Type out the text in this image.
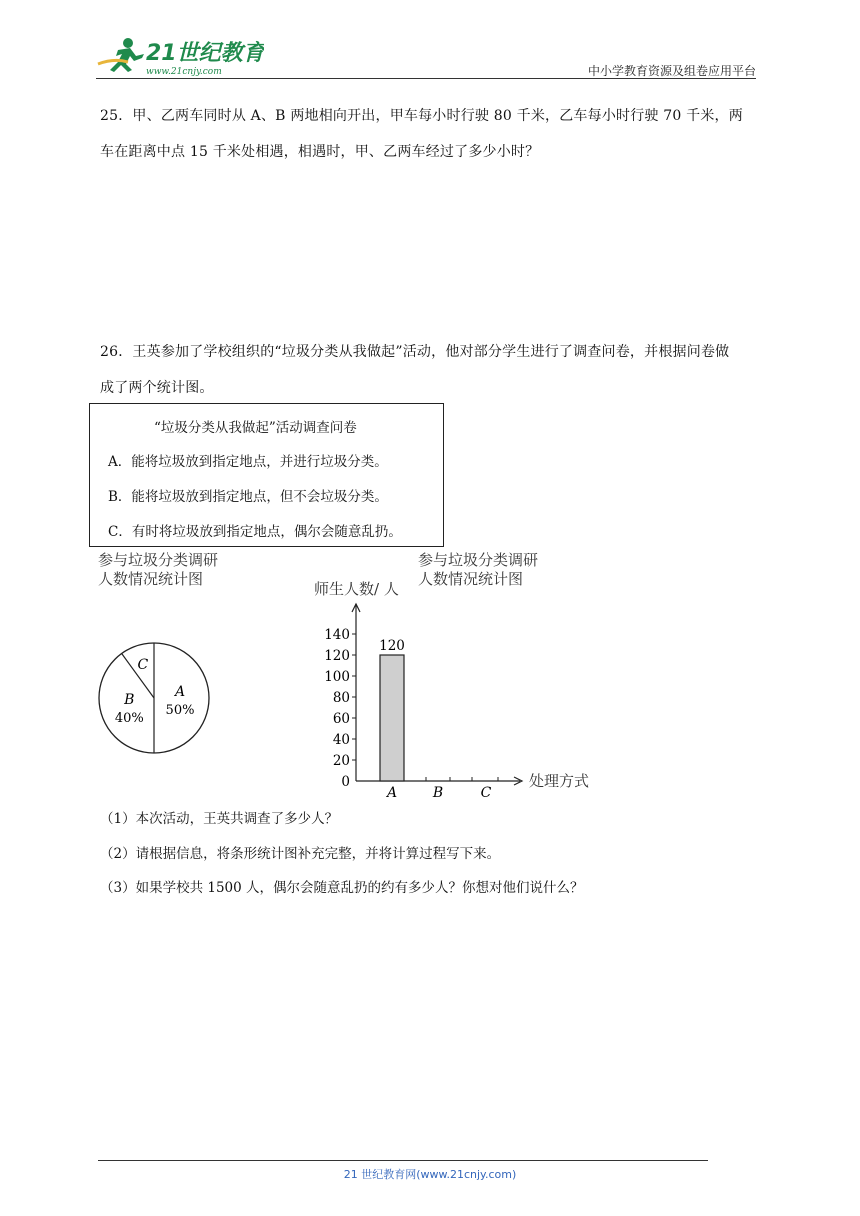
21世纪教育
www.21cnjy.com	中小学教育资源及组卷应用平台
25．甲、乙两车同时从 A、B 两地相向开出，甲车每小时行驶 80 千米，乙车每小时行驶 70 千米，两
车在距离中点 15 千米处相遇，相遇时，甲、乙两车经过了多少小时？
26．王英参加了学校组织的“垃圾分类从我做起”活动，他对部分学生进行了调查问卷，并根据问卷做
成了两个统计图。
“垃圾分类从我做起”活动调查问卷
A．能将垃圾放到指定地点，并进行垃圾分类。
B．能将垃圾放到指定地点，但不会垃圾分类。
C．有时将垃圾放到指定地点，偶尔会随意乱扔。
参与垃圾分类调研
人数情况统计图
A
50%
B
40%
C
参与垃圾分类调研
人数情况统计图
师生人数/ 人
处理方式
0
20
40
60
80
100
120
140
A
120
B	C
（1）本次活动，王英共调查了多少人？
（2）请根据信息，将条形统计图补充完整，并将计算过程写下来。
（3）如果学校共 1500 人，偶尔会随意乱扔的约有多少人？你想对他们说什么？
21 世纪教育网(www.21cnjy.com)
